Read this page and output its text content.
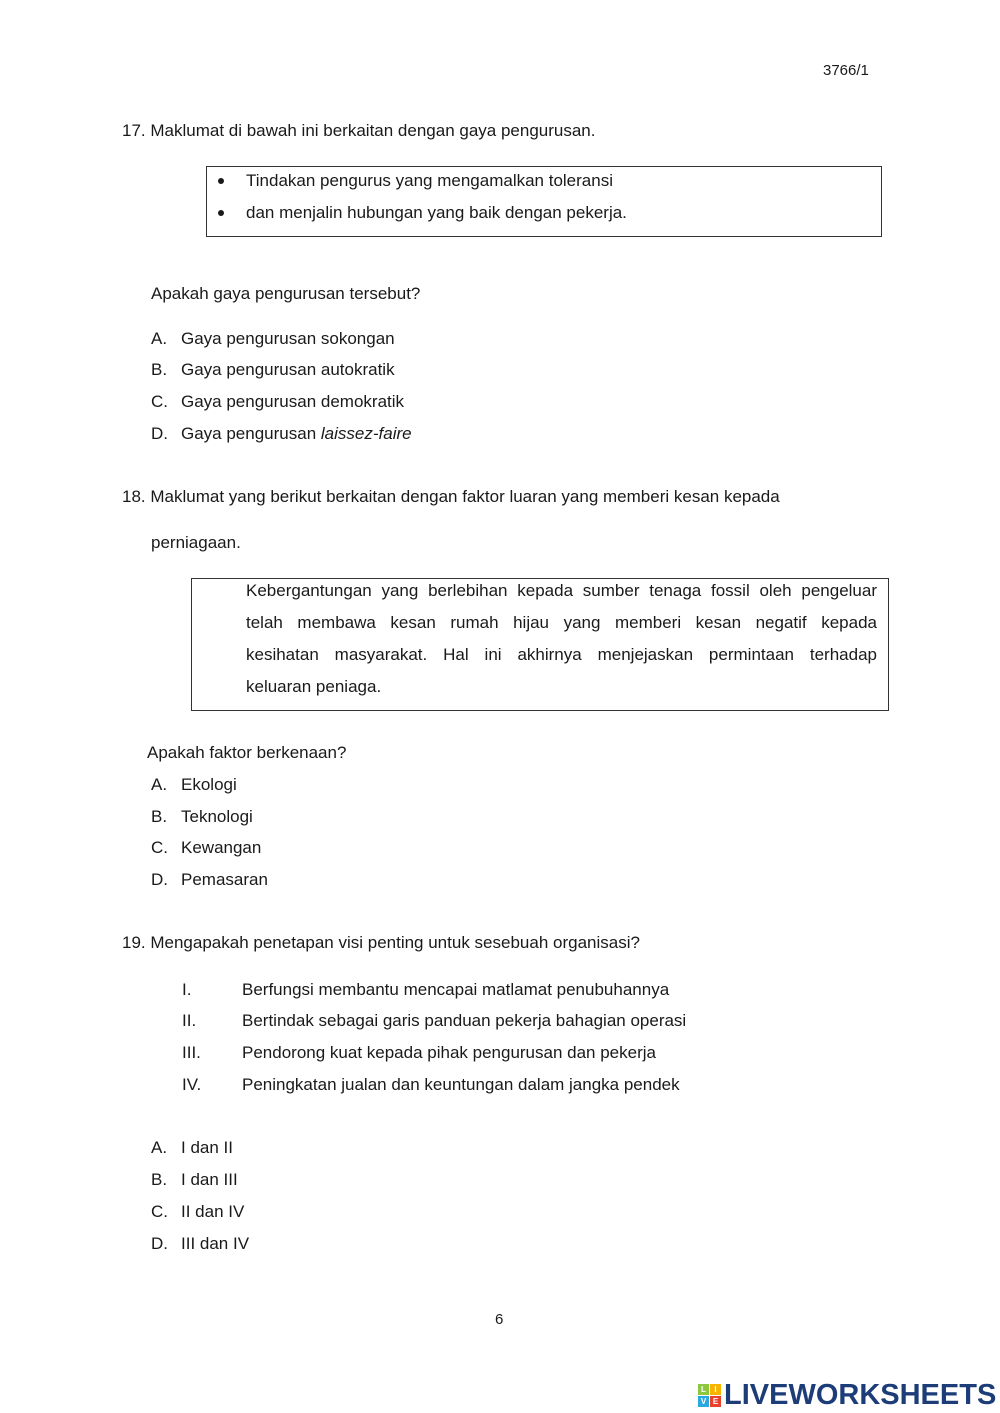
3766/1
17. Maklumat di bawah ini berkaitan dengan gaya pengurusan.
Tindakan pengurus yang mengamalkan toleransi
dan menjalin hubungan yang baik dengan pekerja.
Apakah gaya pengurusan tersebut?
A. Gaya pengurusan sokongan
B. Gaya pengurusan autokratik
C. Gaya pengurusan demokratik
D. Gaya pengurusan laissez-faire
18. Maklumat yang berikut berkaitan dengan faktor luaran yang memberi kesan kepada
perniagaan.
Kebergantungan yang berlebihan kepada sumber tenaga fossil oleh pengeluar
telah membawa kesan rumah hijau yang memberi kesan negatif kepada
kesihatan masyarakat. Hal ini akhirnya menjejaskan permintaan terhadap
keluaran peniaga.
Apakah faktor berkenaan?
A. Ekologi
B. Teknologi
C. Kewangan
D. Pemasaran
19. Mengapakah penetapan visi penting untuk sesebuah organisasi?
I.	Berfungsi membantu mencapai matlamat penubuhannya
II.	Bertindak sebagai garis panduan pekerja bahagian operasi
III. Pendorong kuat kepada pihak pengurusan dan pekerja
IV. Peningkatan jualan dan keuntungan dalam jangka pendek
A. I dan II
B. I dan III
C. II dan IV
D. III dan IV
6
L	I
V E LIVEWORKSHEETS
